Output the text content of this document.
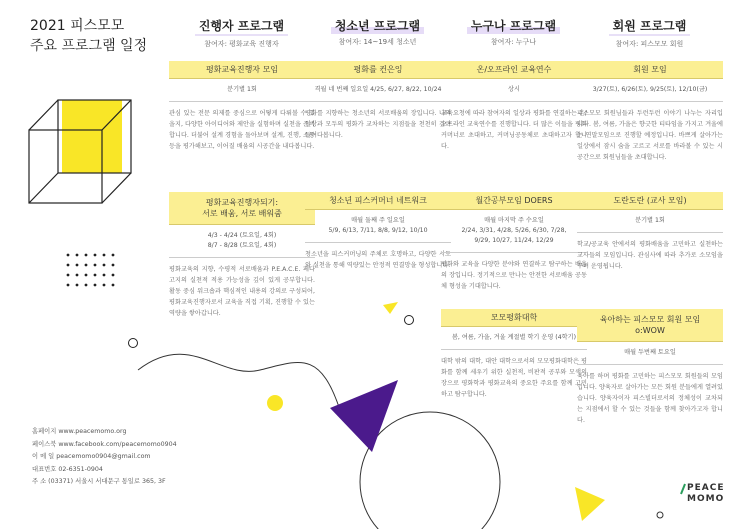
2021 피스모모
주요 프로그램 일정
진행자 프로그램
참여자: 평화교육 진행자
청소년 프로그램
참여자: 14~19세 청소년
누구나 프로그램
참여자: 누구나
회원 프로그램
참여자: 피스모모 회원
평화교육진행자 모임
분기별 1회
관심 있는 전문 의제를 중심으로 어떻게 다뤄볼 수 있을지, 다양한 아이디어와 제안을 실험하며 실천을 준비합니다. 더불어 설계 경험을 돌아보며 설계, 진행, 소통 등을 평가해보고, 이어질 배움의 시공간을 내다봅니다.
평화를 컨은잉
격월 네 번째 일요일 4/25, 6/27, 8/22, 10/24
평화를 지향하는 청소년의 서로배움의 장입니다. 나의 일상과 모두의 평화가 교차하는 지점들을 천천히 깊이 들여다봅니다.
온/오프라인 교육연수
상시
교육요청에 따라 참여자의 일상과 평화를 연결하는 온/오프라인 교육연수를 진행합니다. 더 많은 이들을 평화커머너로 초대하고, 커머닝공동체로 초대하고자 합니다.
회원 모임
3/27(토), 6/26(토), 9/25(토), 12/10(금)
피스모모 회원님들과 두런두런 이야기 나누는 자리입니다. 봄, 여름, 가을은 향긋한 티타임을 가지고 겨울에는 연말모임으로 진행할 예정입니다. 바쁘게 살아가는 일상에서 잠시 숨을 고르고 서로를 바라볼 수 있는 시공간으로 회원님들을 초대합니다.
평화교육진행자되기:
서로 배움, 서로 배워줌
4/3 - 4/24 (토요일, 4회)
8/7 - 8/28 (토요일, 4회)
평화교육의 지향, 수평적 서로배움과 P.E.A.C.E. 페다고지의 실천적 적용 가능성을 깊이 있게 공부합니다. 활동 중심 워크숍과 핵심적인 내용의 강의로 구성되어, 평화교육진행자로서 교육을 직접 기획, 진행할 수 있는 역량을 쌓아갑니다.
청소년 피스커머너 네트워크
매월 둘째 주 일요일
5/9, 6/13, 7/11, 8/8, 9/12, 10/10
청소년을 피스커머닝의 주체로 호명하고, 다양한 시도와 실천을 통해 역량있는 안정적 연결망을 형성합니다.
월간공부모임 DOERS
매월 마지막 주 수요일
2/24, 3/31, 4/28, 5/26, 6/30, 7/28,
9/29, 10/27, 11/24, 12/29
평화와 교육을 다양한 분야와 연결하고 탐구하는 배움의 장입니다. 정기적으로 만나는 안전한 서로배움 공동체 형성을 기대합니다.
도란도란 (교사 모임)
분기별 1회
학교/공교육 안에서의 평화배움을 고민하고 실천하는 교사들의 모임입니다. 관심사에 따라 추가로 소모임을 꾸려 운영됩니다.
모모평화대학
봄, 여름, 가을, 겨울 계절별 학기 운영 (4학기)
대학 밖의 대학, 대안 대학으로서의 모모평화대학은 평화를 함께 세우기 위한 실천적, 비판적 공부와 모색의 장으로 평화학과 평화교육의 중요한 주요를 함께 고민하고 탐구합니다.
육아하는 피스모모 회원 모임
o:WOW
매월 두번째 토요일
육아를 하며 평화를 고민하는 피스모모 회원들의 모임입니다. 양육자로 살아가는 모든 회원 분들에게 열려있습니다. 양육자이자 피스빌더로서의 정체성이 교차되는 지점에서 할 수 있는 것들을 함께 찾아가고자 합니다.
홈페이지 www.peacemomo.org
페이스북 www.facebook.com/peacemomo0904
이 메 일 peacemomo0904@gmail.com
대표번호 02-6351-0904
주 소 (03371) 서울시 서대문구 통일로 365, 3F
PEACE
MOMO
